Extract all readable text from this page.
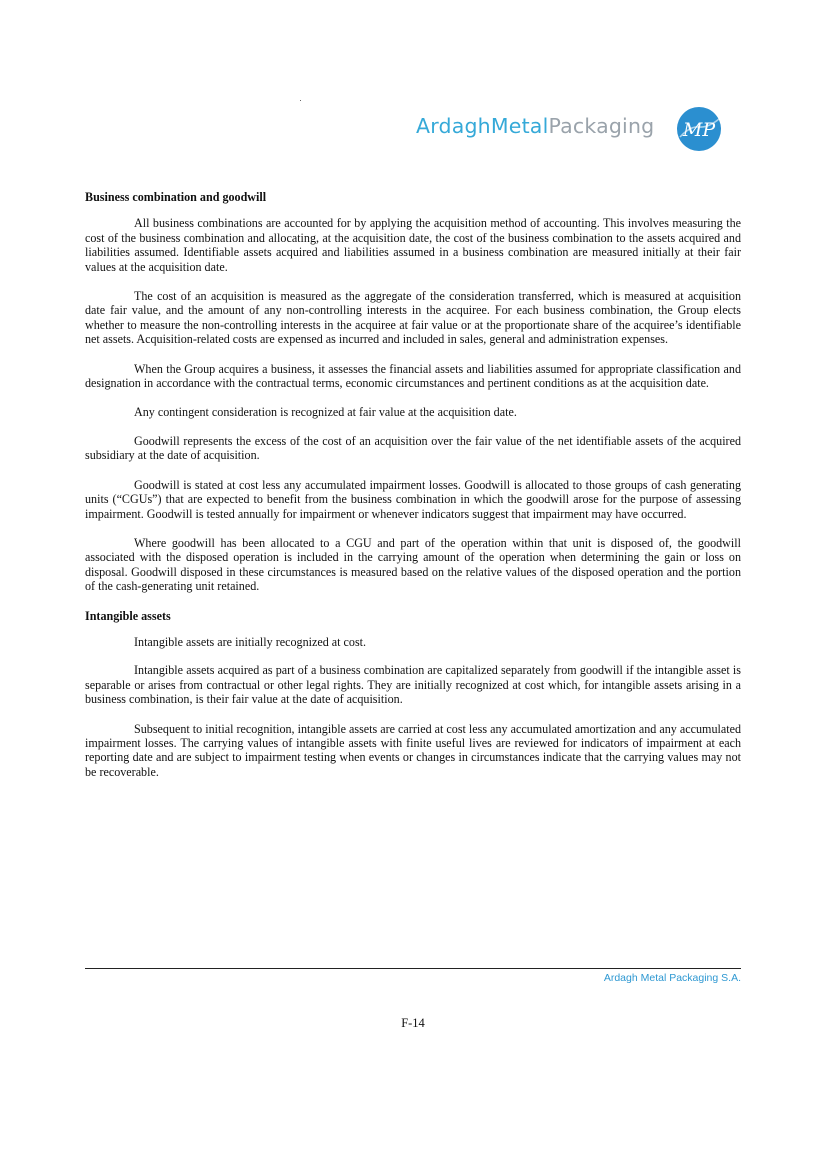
ArdaghMetalPackaging MP
Business combination and goodwill

All business combinations are accounted for by applying the acquisition method of accounting. This involves measuring the cost of the business combination and allocating, at the acquisition date, the cost of the business combination to the assets acquired and liabilities assumed. Identifiable assets acquired and liabilities assumed in a business combination are measured initially at their fair values at the acquisition date.

The cost of an acquisition is measured as the aggregate of the consideration transferred, which is measured at acquisition date fair value, and the amount of any non-controlling interests in the acquiree. For each business combination, the Group elects whether to measure the non-controlling interests in the acquiree at fair value or at the proportionate share of the acquiree’s identifiable net assets. Acquisition-related costs are expensed as incurred and included in sales, general and administration expenses.

When the Group acquires a business, it assesses the financial assets and liabilities assumed for appropriate classification and designation in accordance with the contractual terms, economic circumstances and pertinent conditions as at the acquisition date.

Any contingent consideration is recognized at fair value at the acquisition date.

Goodwill represents the excess of the cost of an acquisition over the fair value of the net identifiable assets of the acquired subsidiary at the date of acquisition.

Goodwill is stated at cost less any accumulated impairment losses. Goodwill is allocated to those groups of cash generating units (“CGUs”) that are expected to benefit from the business combination in which the goodwill arose for the purpose of assessing impairment. Goodwill is tested annually for impairment or whenever indicators suggest that impairment may have occurred.

Where goodwill has been allocated to a CGU and part of the operation within that unit is disposed of, the goodwill associated with the disposed operation is included in the carrying amount of the operation when determining the gain or loss on disposal. Goodwill disposed in these circumstances is measured based on the relative values of the disposed operation and the portion of the cash-generating unit retained.

Intangible assets

Intangible assets are initially recognized at cost.

Intangible assets acquired as part of a business combination are capitalized separately from goodwill if the intangible asset is separable or arises from contractual or other legal rights. They are initially recognized at cost which, for intangible assets arising in a business combination, is their fair value at the date of acquisition.

Subsequent to initial recognition, intangible assets are carried at cost less any accumulated amortization and any accumulated impairment losses. The carrying values of intangible assets with finite useful lives are reviewed for indicators of impairment at each reporting date and are subject to impairment testing when events or changes in circumstances indicate that the carrying values may not be recoverable.

Ardagh Metal Packaging S.A.
F-14
